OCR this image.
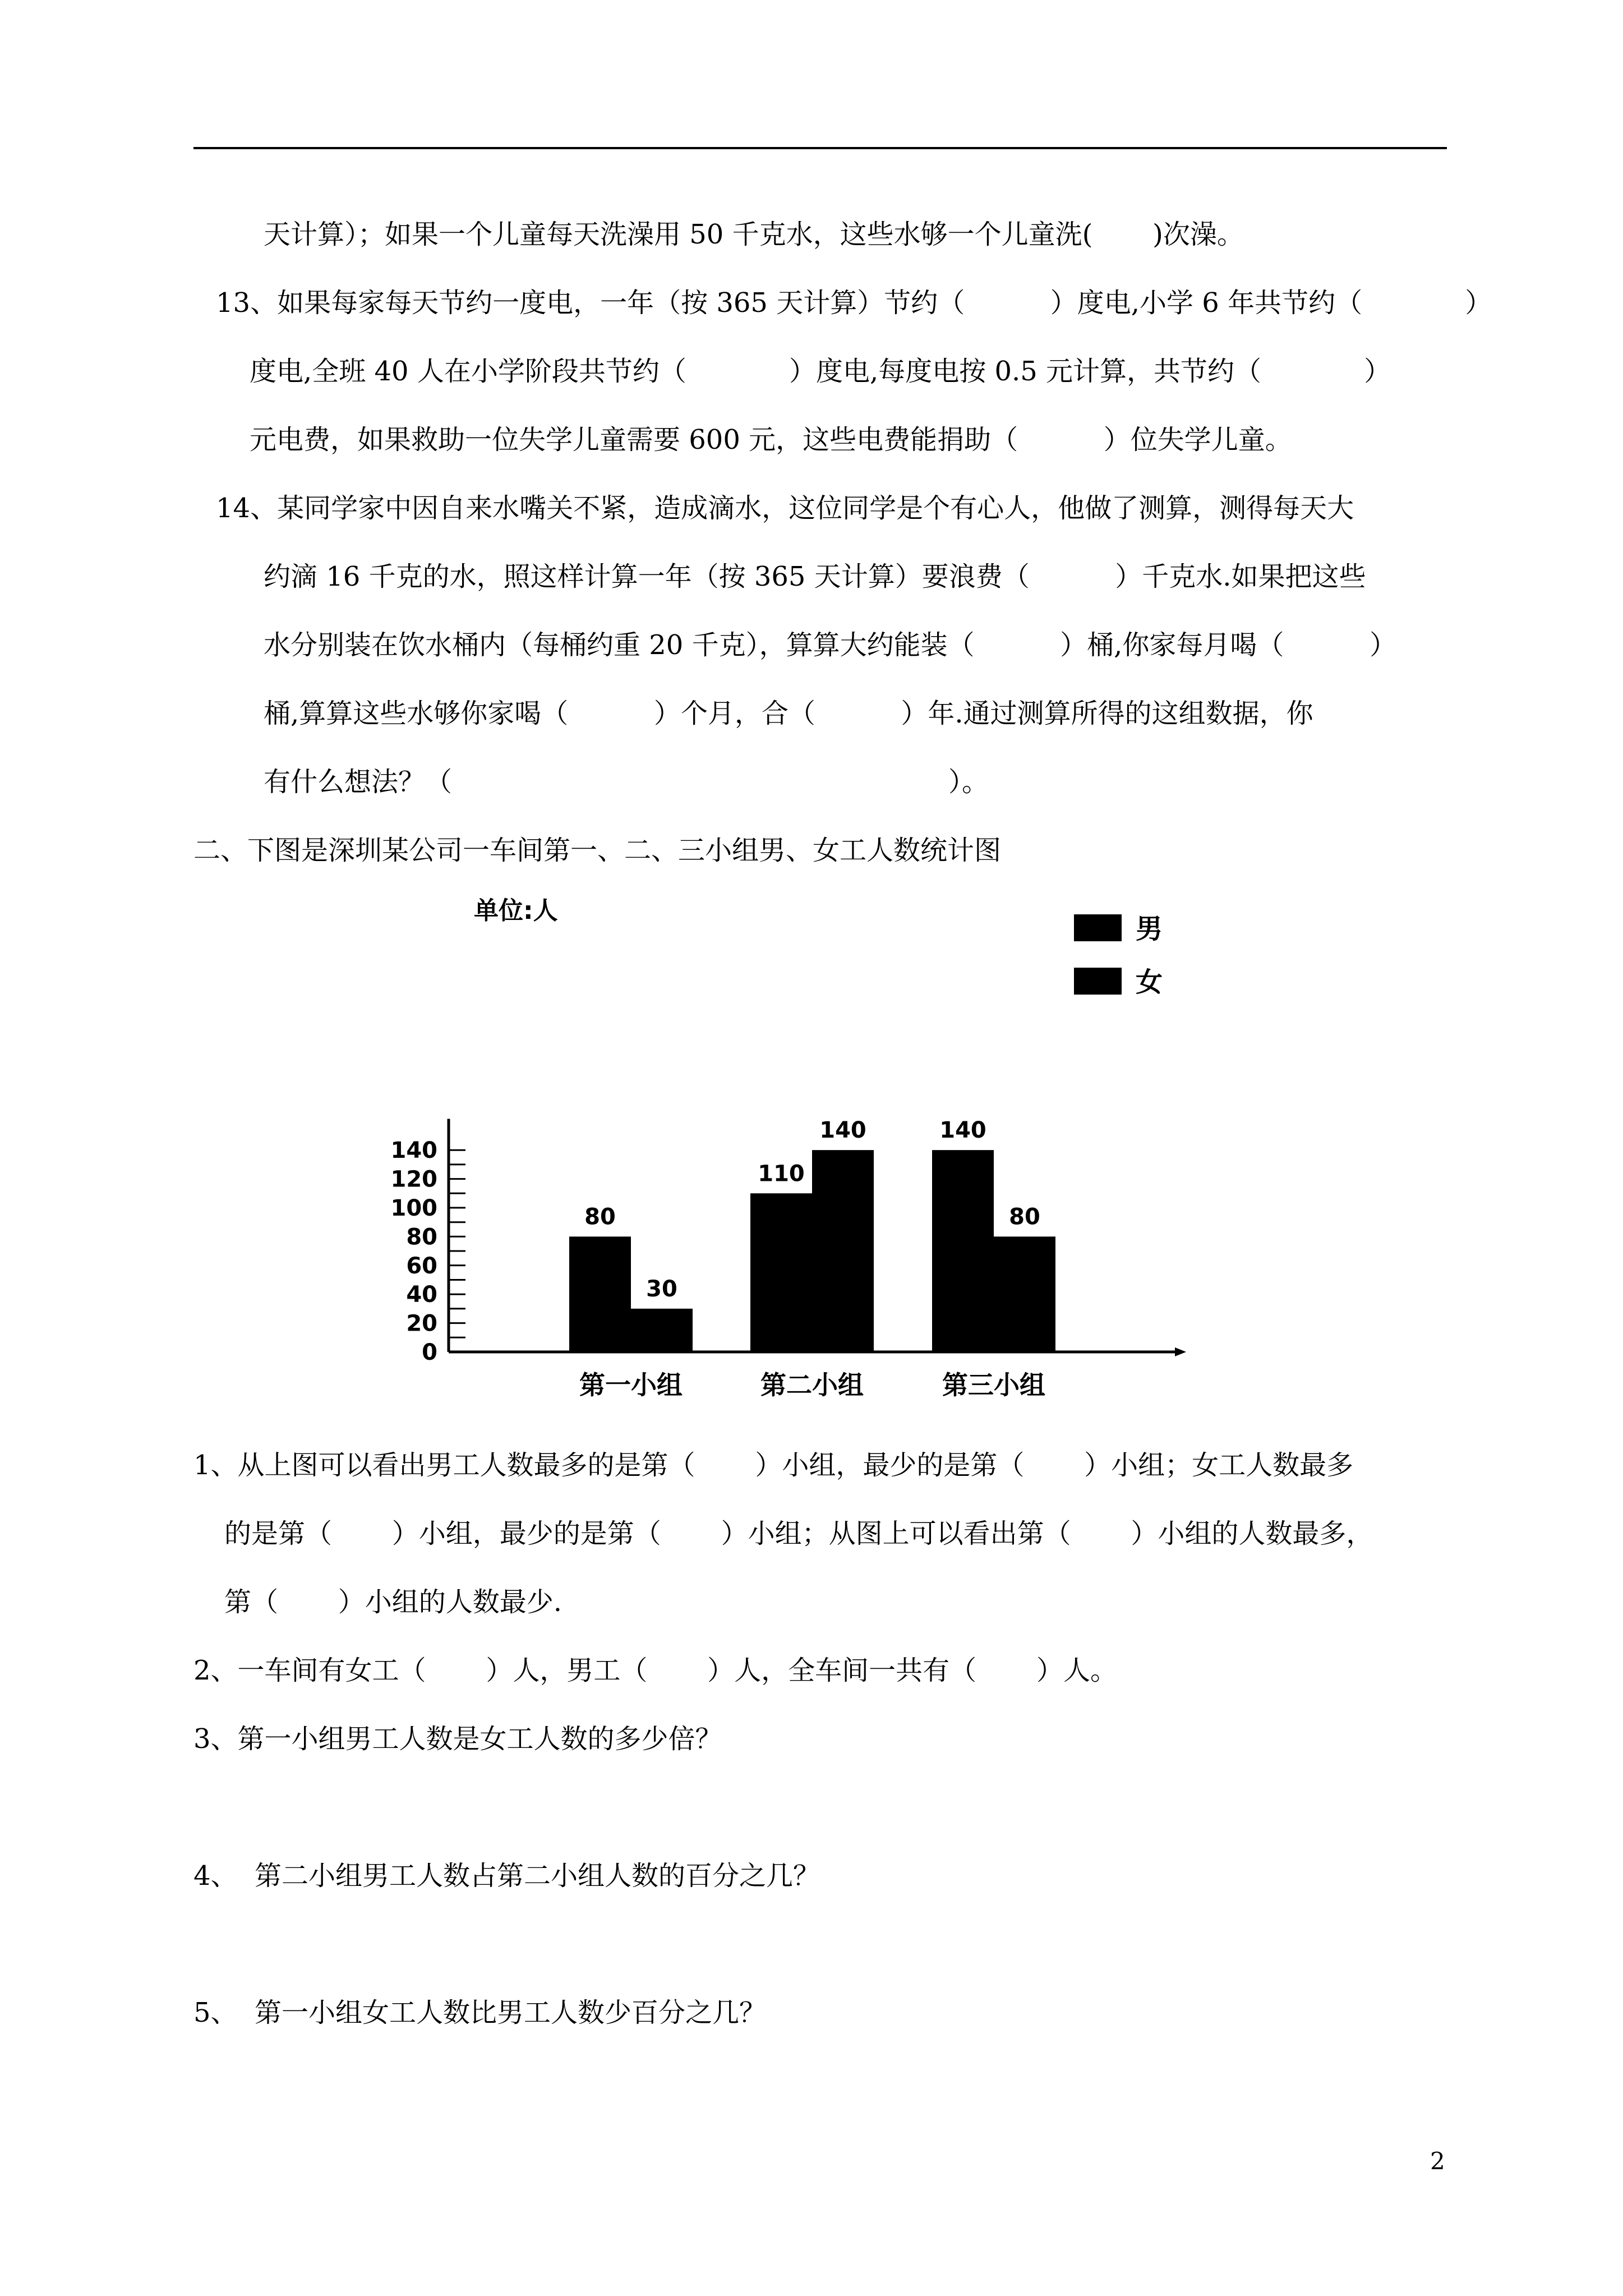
天计算）；如果一个儿童每天洗澡用 50 千克水，这些水够一个儿童洗(       )次澡。
13、如果每家每天节约一度电，一年（按 365 天计算）节约（          ）度电,小学 6 年共节约（            ）
度电,全班 40 人在小学阶段共节约（            ）度电,每度电按 0.5 元计算，共节约（            ）
元电费，如果救助一位失学儿童需要 600 元，这些电费能捐助（          ）位失学儿童。
14、某同学家中因自来水嘴关不紧，造成滴水，这位同学是个有心人，他做了测算，测得每天大
约滴 16 千克的水，照这样计算一年（按 365 天计算）要浪费（          ）千克水.如果把这些
水分别装在饮水桶内（每桶约重 20 千克），算算大约能装（          ）桶,你家每月喝（          ）
桶,算算这些水够你家喝（          ）个月，合（          ）年.通过测算所得的这组数据，你
有什么想法？（                                                          ）。
二、下图是深圳某公司一车间第一、二、三小组男、女工人数统计图
0
20
40
60
80
100
120
140
单位:人
80
30
第一小组
110
140
第二小组
140
80
第三小组
男
女
1、从上图可以看出男工人数最多的是第（       ）小组，最少的是第（       ）小组；女工人数最多
的是第（       ）小组，最少的是第（       ）小组；从图上可以看出第（       ）小组的人数最多，
第（       ）小组的人数最少.
2、一车间有女工（       ）人，男工（       ）人，全车间一共有（       ）人。
3、第一小组男工人数是女工人数的多少倍？
4、  第二小组男工人数占第二小组人数的百分之几？
5、  第一小组女工人数比男工人数少百分之几？
2
